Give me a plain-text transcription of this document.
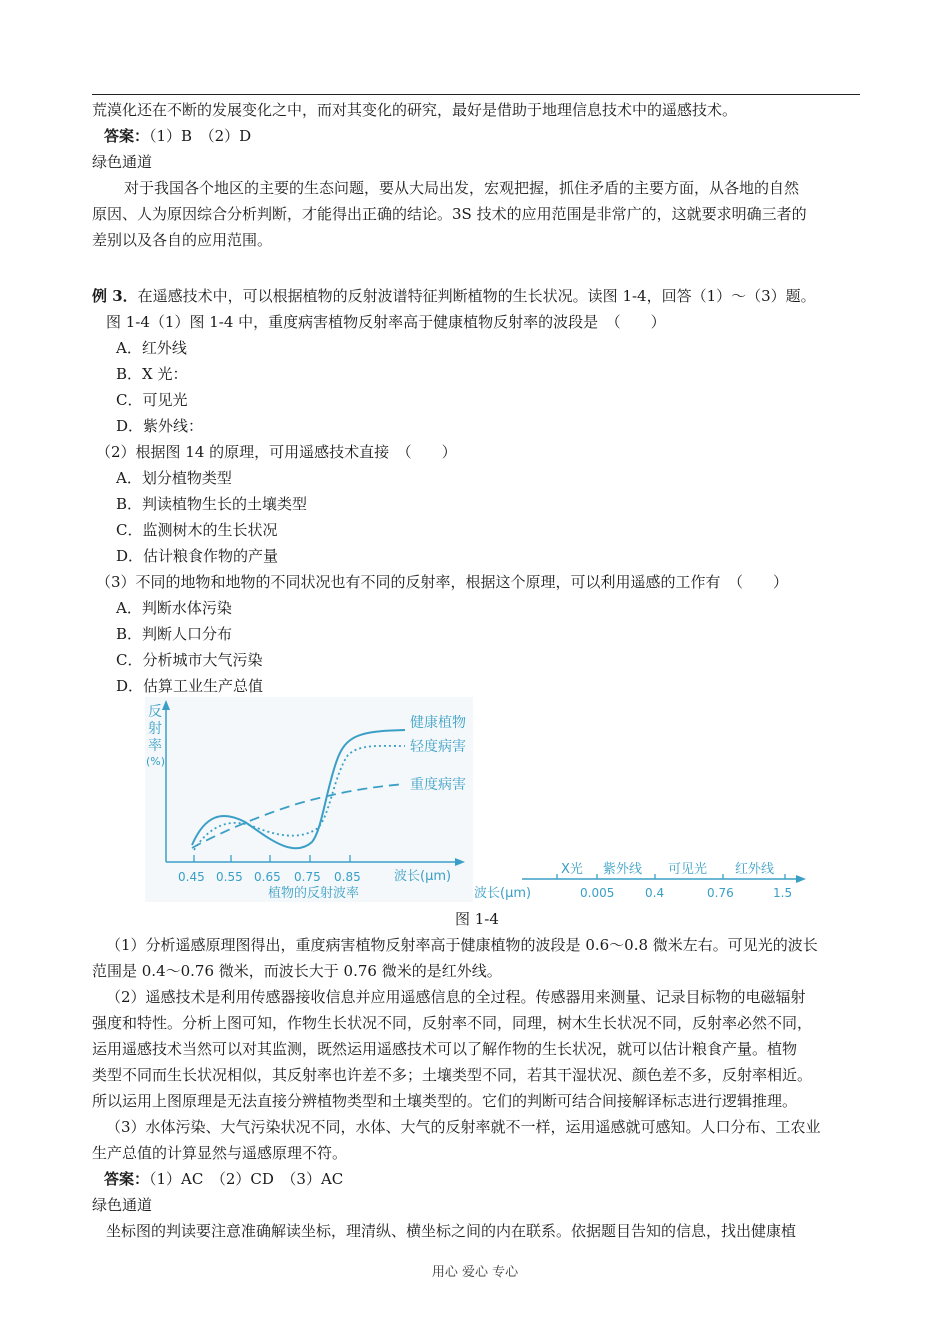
荒漠化还在不断的发展变化之中，而对其变化的研究，最好是借助于地理信息技术中的遥感技术。
答案：（1）B　（2）D
绿色通道
对于我国各个地区的主要的生态问题，要从大局出发，宏观把握，抓住矛盾的主要方面，从各地的自然
原因、人为原因综合分析判断，才能得出正确的结论。3S 技术的应用范围是非常广的，这就要求明确三者的
差别以及各自的应用范围。
例 3．在遥感技术中，可以根据植物的反射波谱特征判断植物的生长状况。读图 1-4，回答（1）～（3）题。
图 1-4（1）图 1-4 中，重度病害植物反射率高于健康植物反射率的波段是　（　　）
A．红外线
B．X 光：
C．可见光
D．紫外线：
（2）根据图 14 的原理，可用遥感技术直接　（　　）
A．划分植物类型
B．判读植物生长的土壤类型
C．监测树木的生长状况
D．估计粮食作物的产量
（3）不同的地物和地物的不同状况也有不同的反射率，根据这个原理，可以利用遥感的工作有　（　　）
A．判断水体污染
B．判断人口分布
C．分析城市大气污染
D．估算工业生产总值
图 1-4
（1）分析遥感原理图得出，重度病害植物反射率高于健康植物的波段是 0.6～0.8 微米左右。可见光的波长
范围是 0.4～0.76 微米，而波长大于 0.76 微米的是红外线。
（2）遥感技术是利用传感器接收信息并应用遥感信息的全过程。传感器用来测量、记录目标物的电磁辐射
强度和特性。分析上图可知，作物生长状况不同，反射率不同，同理，树木生长状况不同，反射率必然不同，
运用遥感技术当然可以对其监测，既然运用遥感技术可以了解作物的生长状况，就可以估计粮食产量。植物
类型不同而生长状况相似，其反射率也许差不多；土壤类型不同，若其干湿状况、颜色差不多，反射率相近。
所以运用上图原理是无法直接分辨植物类型和土壤类型的。它们的判断可结合间接解译标志进行逻辑推理。
（3）水体污染、大气污染状况不同，水体、大气的反射率就不一样，运用遥感就可感知。人口分布、工农业
生产总值的计算显然与遥感原理不符。
答案：（1）AC　（2）CD　（3）AC
绿色通道
坐标图的判读要注意准确解读坐标，理清纵、横坐标之间的内在联系。依据题目告知的信息，找出健康植
反
射
率
(%)
0.45 0.55 0.65 0.75 0.85	波长(μm)
植物的反射波率
健康植物
轻度病害
重度病害
波长(μm)	0.005	0.4	0.76	1.5
X光 紫外线 可见光 红外线
用心 爱心 专心
